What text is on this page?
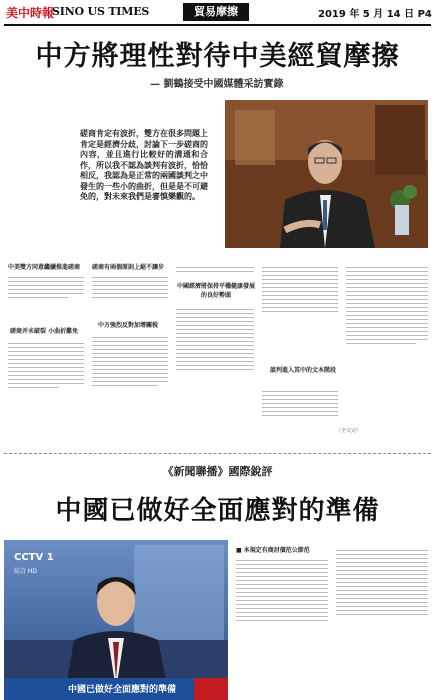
美中時報
SINO US TIMES	貿易摩擦	2019 年 5 月 14 日 P4
中方將理性對待中美經貿摩擦
— 劉鶴接受中國媒體采訪實錄
磋商肯定有波折，雙方在很多問題上肯定是經濟分歧，討論下一步磋商的內容，並且進行比較好的溝通和合作，所以我不認為談判有波折，恰恰相反，我認為是正常的兩國談判之中發生的一些小的曲折，但是是不可避免的，對未來我們是審慎樂觀的。
中美雙方同意繼續推進磋商
磋商并未破裂 小曲折難免
磋商有兩個原則上絕不讓步
中方強烈反對加增關稅
中國經濟將保持平穩健康發展的良好勢頭
談判進入其中的文本階段
（全文完）
《新聞聯播》國際銳評
中國已做好全面應對的準備
CCTV 1
综合 HD
中國已做好全面應對的準備
■ 本規定有商討價范公節范
